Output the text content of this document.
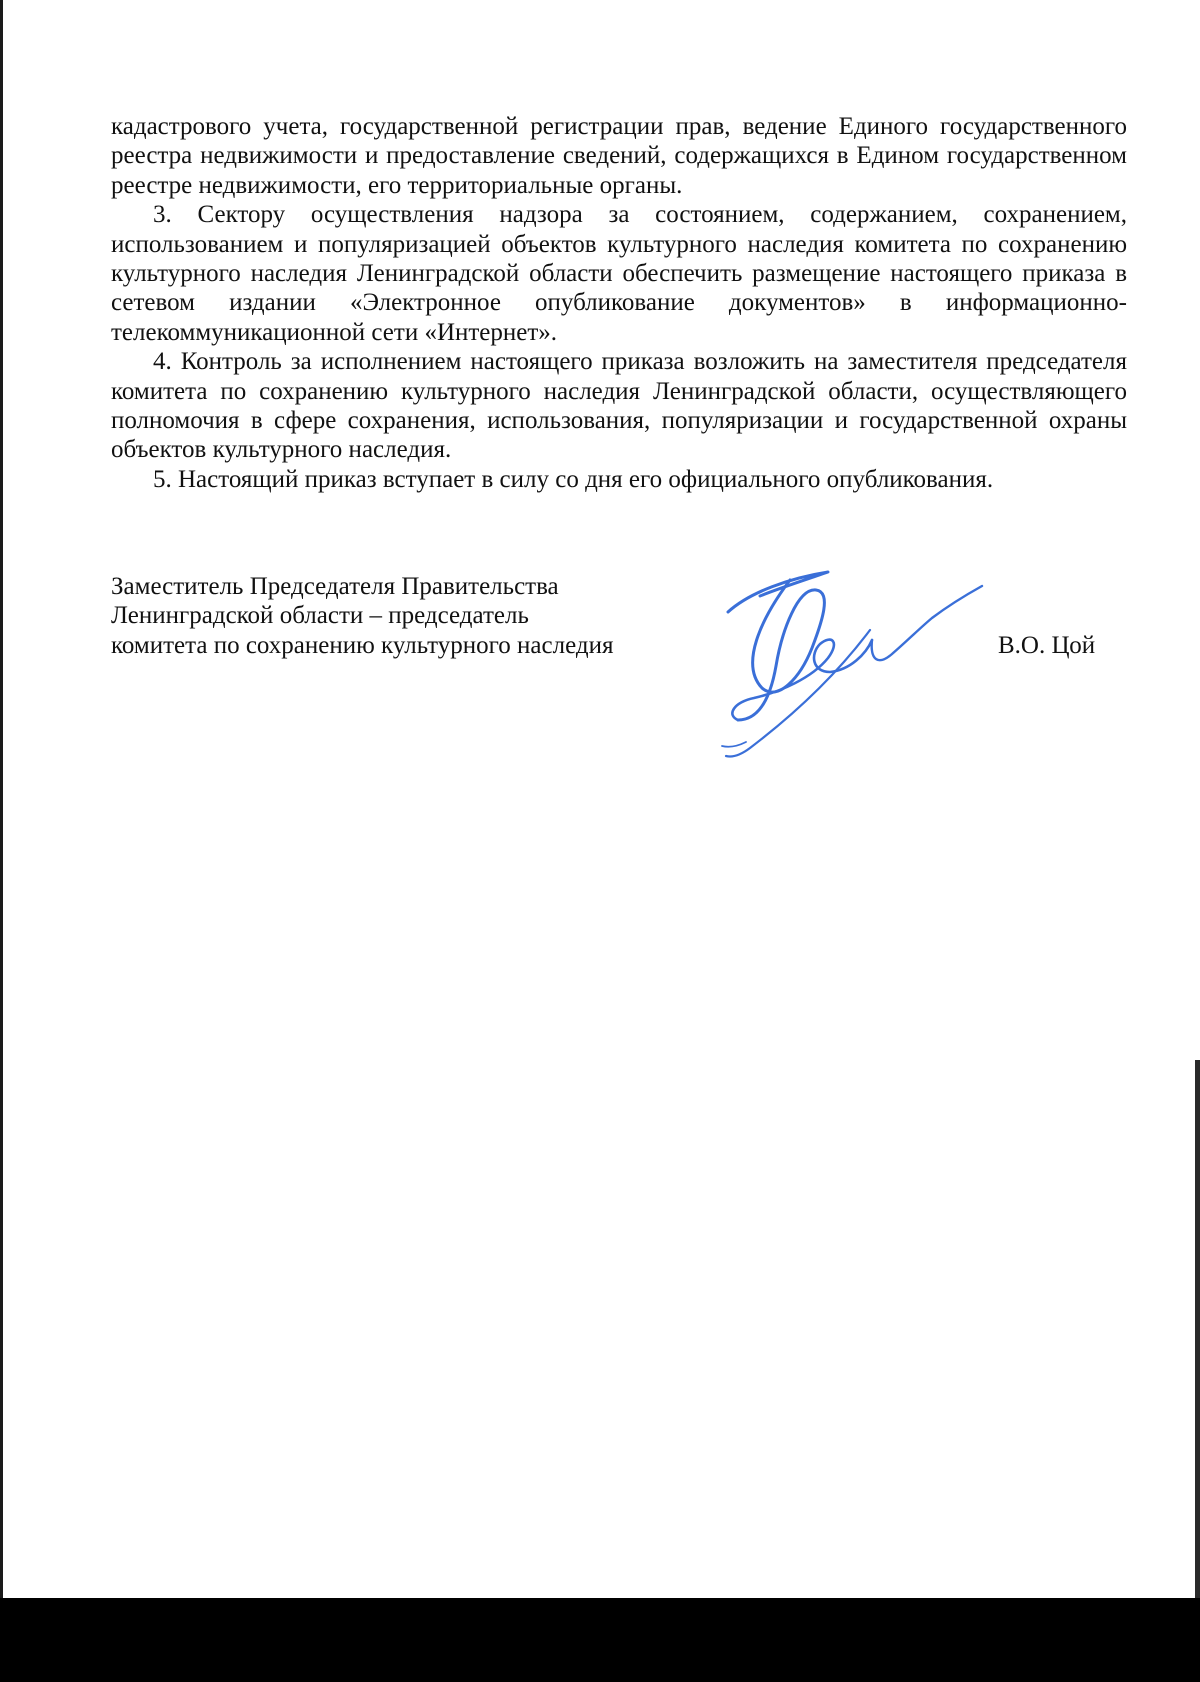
кадастрового учета, государственной регистрации прав, ведение Единого государственного реестра недвижимости и предоставление сведений, содержащихся в Едином государственном реестре недвижимости, его территориальные органы.

3. Сектору осуществления надзора за состоянием, содержанием, сохранением, использованием и популяризацией объектов культурного наследия комитета по сохранению культурного наследия Ленинградской области обеспечить размещение настоящего приказа в сетевом издании «Электронное опубликование документов» в информационно-телекоммуникационной сети «Интернет».

4. Контроль за исполнением настоящего приказа возложить на заместителя председателя комитета по сохранению культурного наследия Ленинградской области, осуществляющего полномочия в сфере сохранения, использования, популяризации и государственной охраны объектов культурного наследия.

5. Настоящий приказ вступает в силу со дня его официального опубликования.

Заместитель Председателя Правительства
Ленинградской области – председатель
комитета по сохранению культурного наследия	В.О. Цой
